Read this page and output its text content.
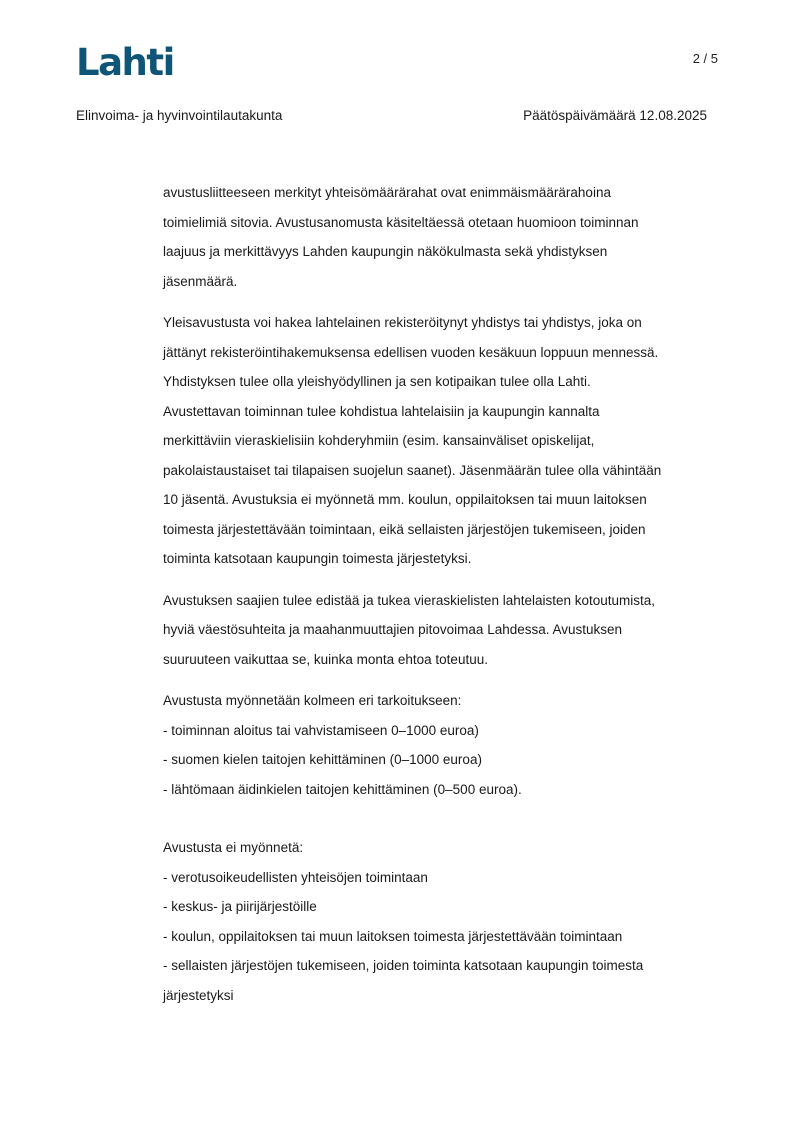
Lahti	2 / 5
Elinvoima- ja hyvinvointilautakunta	Päätöspäivämäärä 12.08.2025
avustusliitteeseen merkityt yhteisömäärärahat ovat enimmäismäärärahoina
toimielimiä sitovia. Avustusanomusta käsiteltäessä otetaan huomioon toiminnan
laajuus ja merkittävyys Lahden kaupungin näkökulmasta sekä yhdistyksen
jäsenmäärä.
Yleisavustusta voi hakea lahtelainen rekisteröitynyt yhdistys tai yhdistys, joka on
jättänyt rekisteröintihakemuksensa edellisen vuoden kesäkuun loppuun mennessä.
Yhdistyksen tulee olla yleishyödyllinen ja sen kotipaikan tulee olla Lahti.
Avustettavan toiminnan tulee kohdistua lahtelaisiin ja kaupungin kannalta
merkittäviin vieraskielisiin kohderyhmiin (esim. kansainväliset opiskelijat,
pakolaistaustaiset tai tilapaisen suojelun saanet). Jäsenmäärän tulee olla vähintään
10 jäsentä. Avustuksia ei myönnetä mm. koulun, oppilaitoksen tai muun laitoksen
toimesta järjestettävään toimintaan, eikä sellaisten järjestöjen tukemiseen, joiden
toiminta katsotaan kaupungin toimesta järjestetyksi.
Avustuksen saajien tulee edistää ja tukea vieraskielisten lahtelaisten kotoutumista,
hyviä väestösuhteita ja maahanmuuttajien pitovoimaa Lahdessa. Avustuksen
suuruuteen vaikuttaa se, kuinka monta ehtoa toteutuu.
Avustusta myönnetään kolmeen eri tarkoitukseen:
- toiminnan aloitus tai vahvistamiseen 0–1000 euroa)
- suomen kielen taitojen kehittäminen (0–1000 euroa)
- lähtömaan äidinkielen taitojen kehittäminen (0–500 euroa).
Avustusta ei myönnetä:
- verotusoikeudellisten yhteisöjen toimintaan
- keskus- ja piirijärjestöille
- koulun, oppilaitoksen tai muun laitoksen toimesta järjestettävään toimintaan
- sellaisten järjestöjen tukemiseen, joiden toiminta katsotaan kaupungin toimesta
järjestetyksi
